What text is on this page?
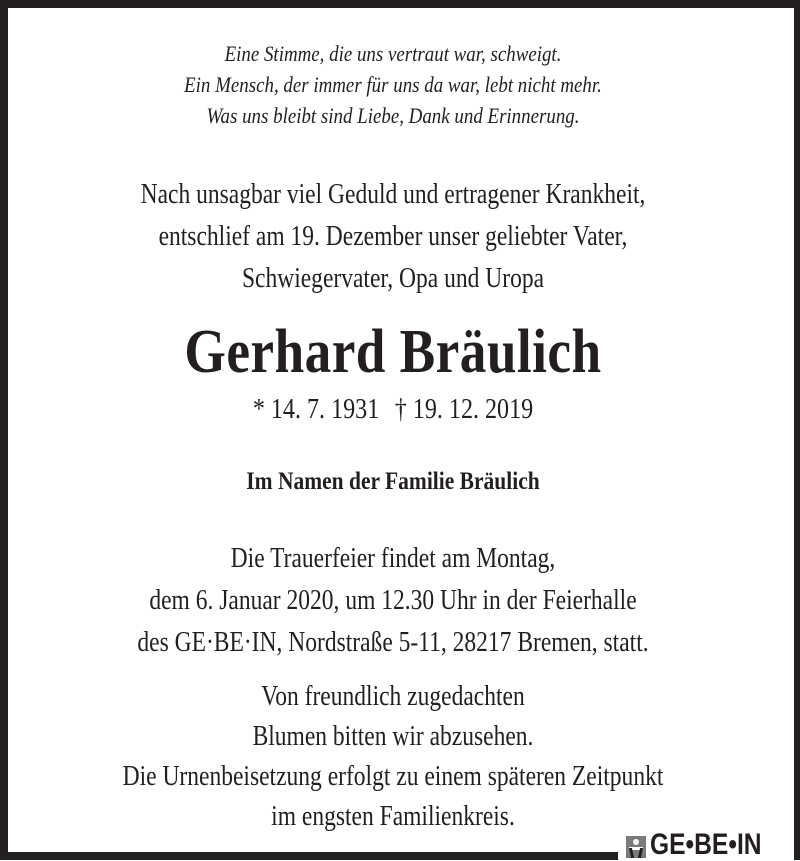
Eine Stimme, die uns vertraut war, schweigt.
Ein Mensch, der immer für uns da war, lebt nicht mehr.
Was uns bleibt sind Liebe, Dank und Erinnerung.
Nach unsagbar viel Geduld und ertragener Krankheit,
entschlief am 19. Dezember unser geliebter Vater,
Schwiegervater, Opa und Uropa
Gerhard Bräulich
* 14. 7. 1931 † 19. 12. 2019
Im Namen der Familie Bräulich
Die Trauerfeier findet am Montag,
dem 6. Januar 2020, um 12.30 Uhr in der Feierhalle
des GE·BE·IN, Nordstraße 5-11, 28217 Bremen, statt.
Von freundlich zugedachten
Blumen bitten wir abzusehen.
Die Urnenbeisetzung erfolgt zu einem späteren Zeitpunkt
im engsten Familienkreis.
GE•BE•IN
